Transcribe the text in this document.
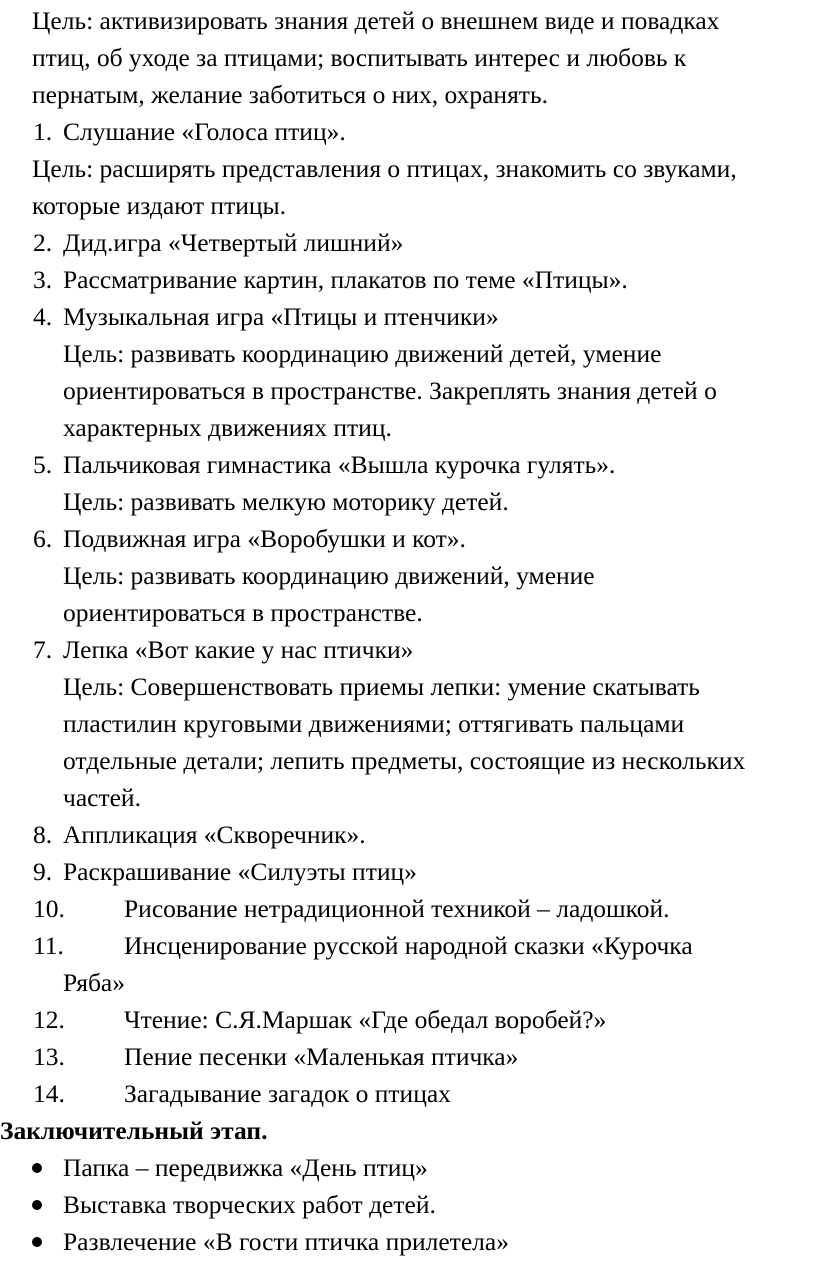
Цель: активизировать знания детей о внешнем виде и повадках
птиц, об уходе за птицами; воспитывать интерес и любовь к
пернатым, желание заботиться о них, охранять.
1. Слушание «Голоса птиц».
Цель: расширять представления о птицах, знакомить со звуками,
которые издают птицы.
2. Дид.игра «Четвертый лишний»
3. Рассматривание картин, плакатов по теме «Птицы».
4. Музыкальная игра «Птицы и птенчики»
Цель: развивать координацию движений детей, умение
ориентироваться в пространстве. Закреплять знания детей о
характерных движениях птиц.
5. Пальчиковая гимнастика «Вышла курочка гулять».
Цель: развивать мелкую моторику детей.
6. Подвижная игра «Воробушки и кот».
Цель: развивать координацию движений, умение
ориентироваться в пространстве.
7. Лепка «Вот какие у нас птички»
Цель: Совершенствовать приемы лепки: умение скатывать
пластилин круговыми движениями; оттягивать пальцами
отдельные детали; лепить предметы, состоящие из нескольких
частей.
8. Аппликация «Скворечник».
9. Раскрашивание «Силуэты птиц»
10. Рисование нетрадиционной техникой – ладошкой.
11. Инсценирование русской народной сказки «Курочка
Ряба»
12. Чтение: С.Я.Маршак «Где обедал воробей?»
13. Пение песенки «Маленькая птичка»
14. Загадывание загадок о птицах
Заключительный этап.
Папка – передвижка «День птиц»
Выставка творческих работ детей.
Развлечение «В гости птичка прилетела»
